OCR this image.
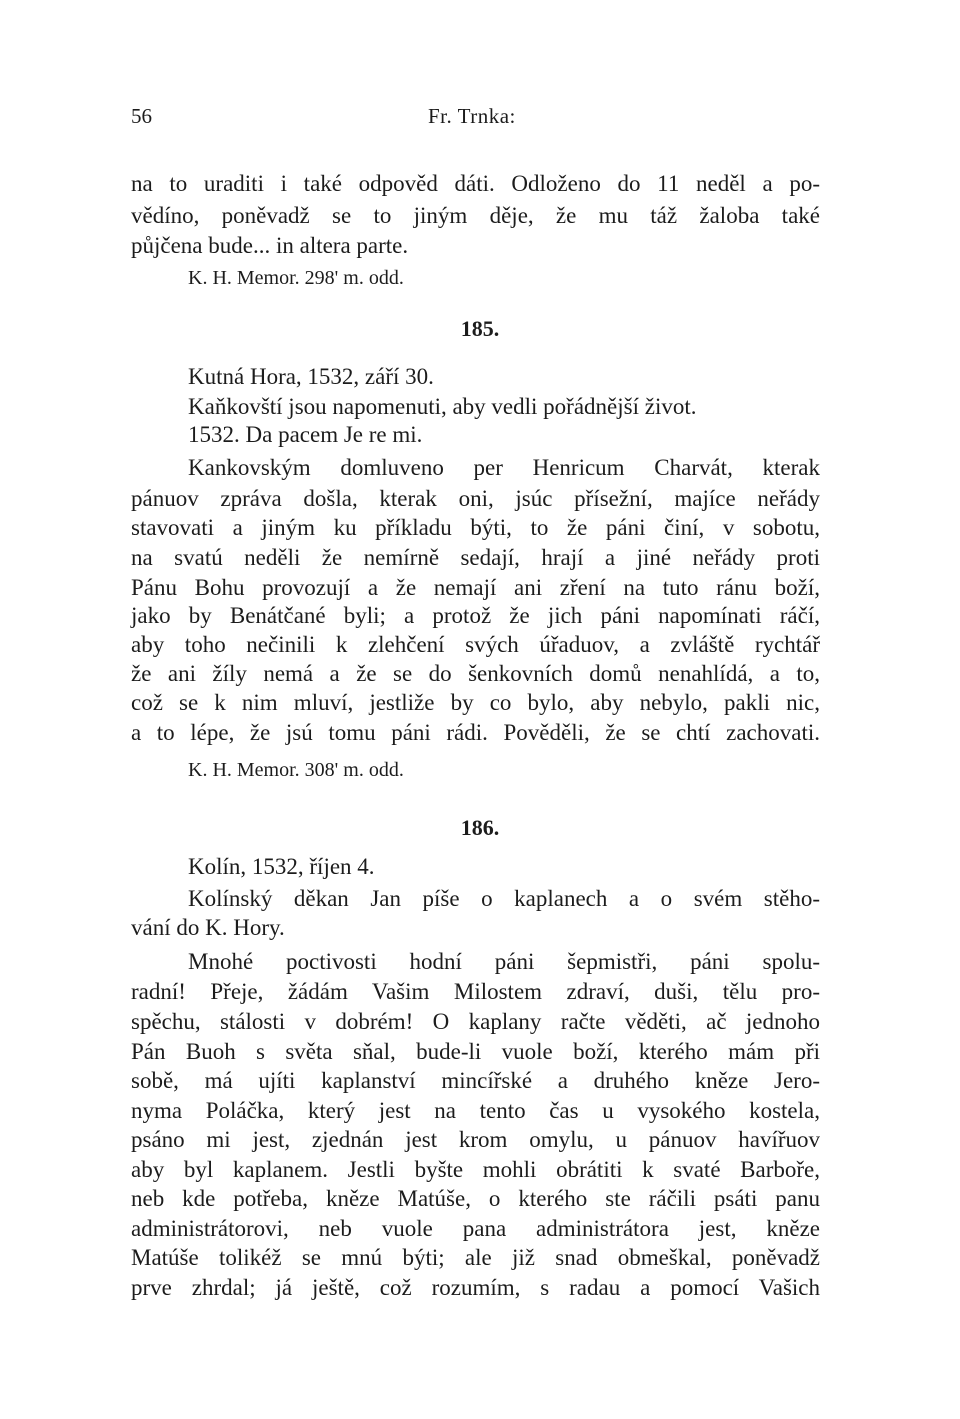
56	Fr. Trnka:
na to uraditi i také odpověd dáti. Odloženo do 11 neděl a po-
vědíno, poněvadž se to jiným děje, že mu táž žaloba také
půjčena bude... in altera parte.
K. H. Memor. 298' m. odd.
185.
Kutná Hora, 1532, září 30.
Kaňkovští jsou napomenuti, aby vedli pořádnější život.
1532. Da pacem Je re mi.
Kankovským domluveno per Henricum Charvát, kterak
pánuov zpráva došla, kterak oni, jsúc přísežní, majíce neřády
stavovati a jiným ku příkladu býti, to že páni činí, v sobotu,
na svatú neděli že nemírně sedají, hrají a jiné neřády proti
Pánu Bohu provozují a že nemají ani zření na tuto ránu boží,
jako by Benátčané byli; a protož že jich páni napomínati ráčí,
aby toho nečinili k zlehčení svých úřaduov, a zvláště rychtář
že ani žíly nemá a že se do šenkovních domů nenahlídá, a to,
což se k nim mluví, jestliže by co bylo, aby nebylo, pakli nic,
a to lépe, že jsú tomu páni rádi. Pověděli, že se chtí zachovati.
K. H. Memor. 308' m. odd.
186.
Kolín, 1532, říjen 4.
Kolínský děkan Jan píše o kaplanech a o svém stěho-
vání do K. Hory.
Mnohé poctivosti hodní páni šepmistři, páni spolu-
radní! Přeje, žádám Vašim Milostem zdraví, duši, tělu pro-
spěchu, stálosti v dobrém! O kaplany račte věděti, ač jednoho
Pán Buoh s světa sňal, bude-li vuole boží, kterého mám při
sobě, má ujíti kaplanství mincířské a druhého kněze Jero-
nyma Poláčka, který jest na tento čas u vysokého kostela,
psáno mi jest, zjednán jest krom omylu, u pánuov havířuov
aby byl kaplanem. Jestli byšte mohli obrátiti k svaté Barboře,
neb kde potřeba, kněze Matúše, o kterého ste ráčili psáti panu
administrátorovi, neb vuole pana administrátora jest, kněze
Matúše tolikéž se mnú býti; ale již snad obmeškal, poněvadž
prve zhrdal; já ještě, což rozumím, s radau a pomocí Vašich
